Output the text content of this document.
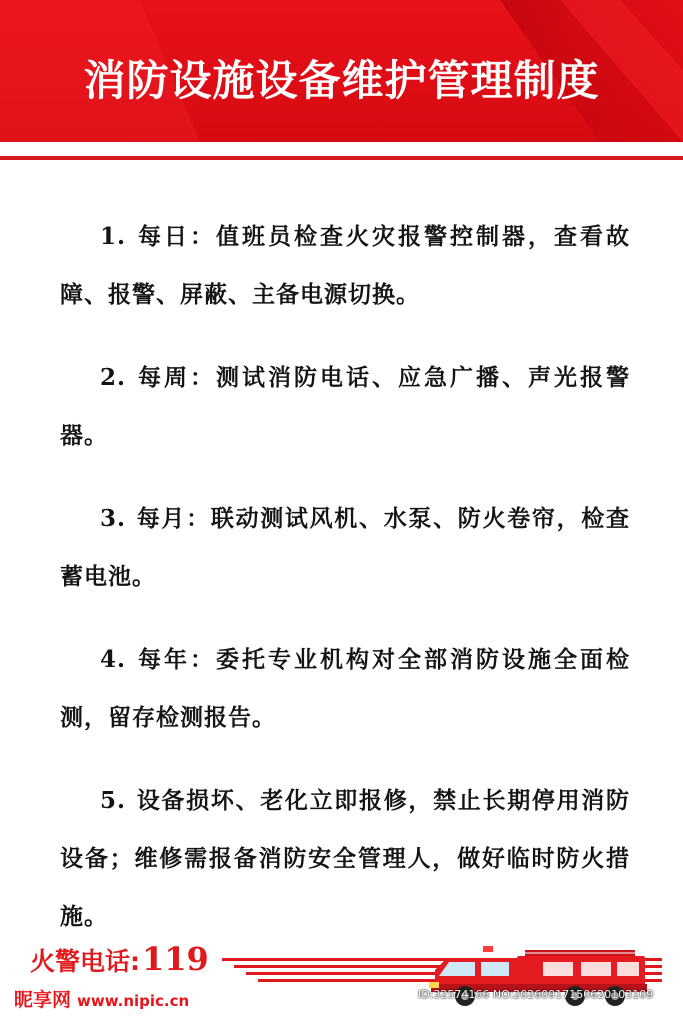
消防设施设备维护管理制度

1. 每日：值班员检查火灾报警控制器，查看故障、报警、屏蔽、主备电源切换。

2. 每周：测试消防电话、应急广播、声光报警器。

3. 每月：联动测试风机、水泵、防火卷帘，检查蓄电池。

4. 每年：委托专业机构对全部消防设施全面检测，留存检测报告。

5. 设备损坏、老化立即报修，禁止长期停用消防设备；维修需报备消防安全管理人，做好临时防火措施。

火警电话:119
昵享网 www.nipic.cn	ID:32574166 NO:20260917150620103109
